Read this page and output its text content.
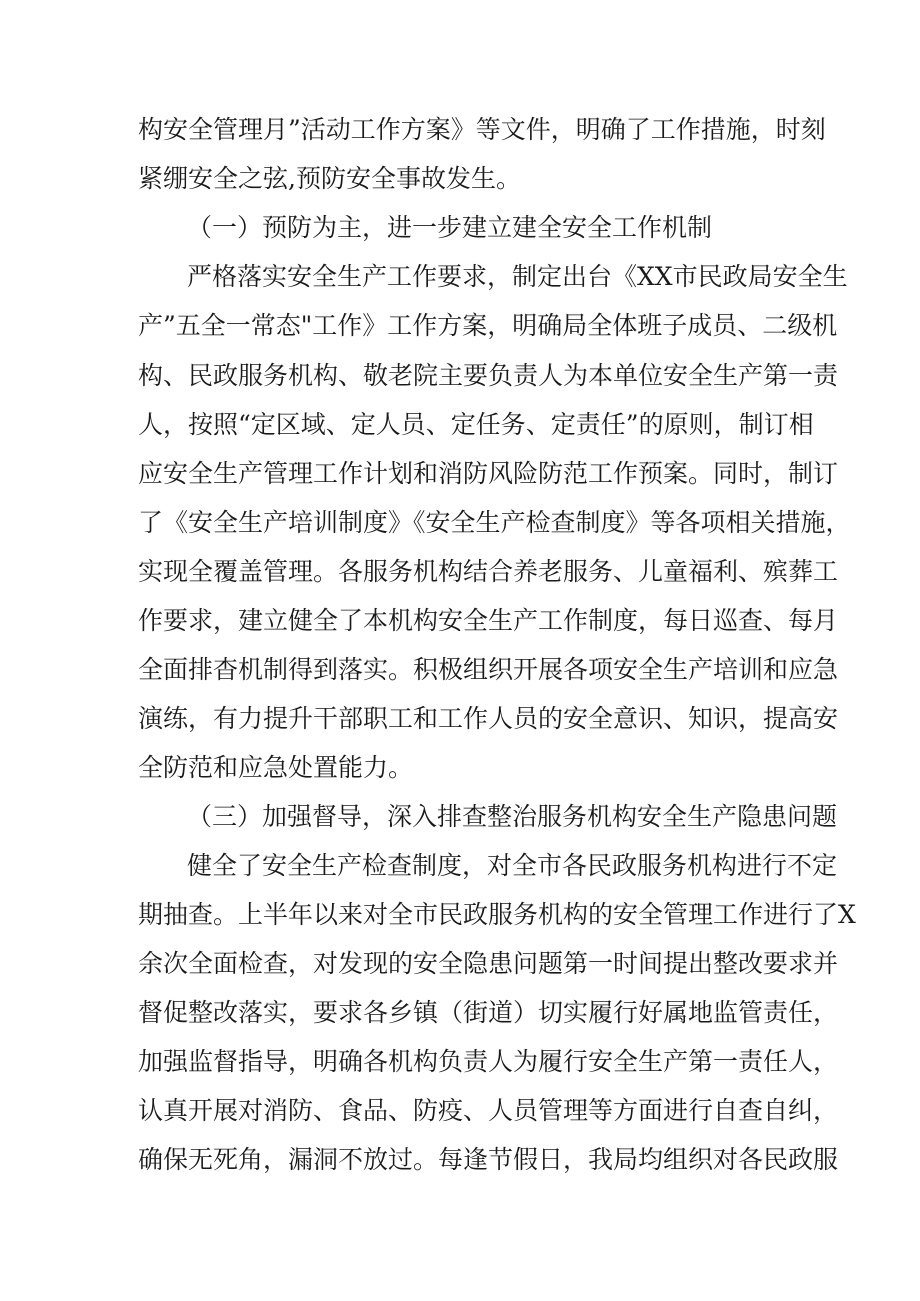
构安全管理月”活动工作方案》等文件，明确了工作措施，时刻
紧绷安全之弦,预防安全事故发生。
（一）预防为主，进一步建立建全安全工作机制
严格落实安全生产工作要求，制定出台《XX市民政局安全生
产”五全一常态"工作》工作方案，明确局全体班子成员、二级机
构、民政服务机构、敬老院主要负责人为本单位安全生产第一责
人，按照“定区域、定人员、定任务、定责任”的原则，制订相
应安全生产管理工作计划和消防风险防范工作预案。同时，制订
了《安全生产培训制度》《安全生产检查制度》等各项相关措施，
实现全覆盖管理。各服务机构结合养老服务、儿童福利、殡葬工
作要求，建立健全了本机构安全生产工作制度，每日巡查、每月
全面排杳机制得到落实。积极组织开展各项安全生产培训和应急
演练，有力提升干部职工和工作人员的安全意识、知识，提高安
全防范和应急处置能力。
（三）加强督导，深入排查整治服务机构安全生产隐患问题
健全了安全生产检查制度，对全市各民政服务机构进行不定
期抽查。上半年以来对全市民政服务机构的安全管理工作进行了X
余次全面检查，对发现的安全隐患问题第一时间提出整改要求并
督促整改落实，要求各乡镇（街道）切实履行好属地监管责任，
加强监督指导，明确各机构负责人为履行安全生产第一责任人，
认真开展对消防、食品、防疫、人员管理等方面进行自查自纠，
确保无死角，漏洞不放过。每逢节假日，我局均组织对各民政服
